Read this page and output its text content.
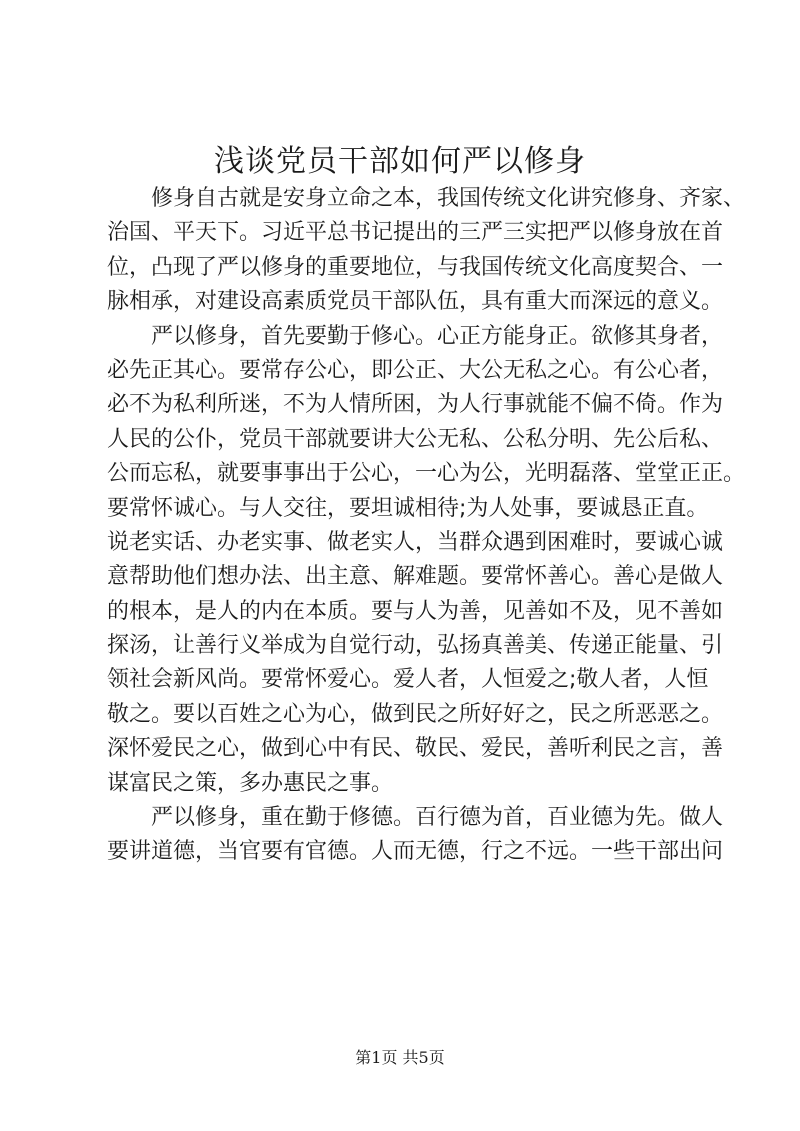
浅谈党员干部如何严以修身
修身自古就是安身立命之本，我国传统文化讲究修身、齐家、
治国、平天下。习近平总书记提出的三严三实把严以修身放在首
位，凸现了严以修身的重要地位，与我国传统文化高度契合、一
脉相承，对建设高素质党员干部队伍，具有重大而深远的意义。
严以修身，首先要勤于修心。心正方能身正。欲修其身者，
必先正其心。要常存公心，即公正、大公无私之心。有公心者，
必不为私利所迷，不为人情所困，为人行事就能不偏不倚。作为
人民的公仆，党员干部就要讲大公无私、公私分明、先公后私、
公而忘私，就要事事出于公心，一心为公，光明磊落、堂堂正正。
要常怀诚心。与人交往，要坦诚相待;为人处事，要诚恳正直。
说老实话、办老实事、做老实人，当群众遇到困难时，要诚心诚
意帮助他们想办法、出主意、解难题。要常怀善心。善心是做人
的根本，是人的内在本质。要与人为善，见善如不及，见不善如
探汤，让善行义举成为自觉行动，弘扬真善美、传递正能量、引
领社会新风尚。要常怀爱心。爱人者，人恒爱之;敬人者，人恒
敬之。要以百姓之心为心，做到民之所好好之，民之所恶恶之。
深怀爱民之心，做到心中有民、敬民、爱民，善听利民之言，善
谋富民之策，多办惠民之事。
严以修身，重在勤于修德。百行德为首，百业德为先。做人
要讲道德，当官要有官德。人而无德，行之不远。一些干部出问
第1页 共5页
